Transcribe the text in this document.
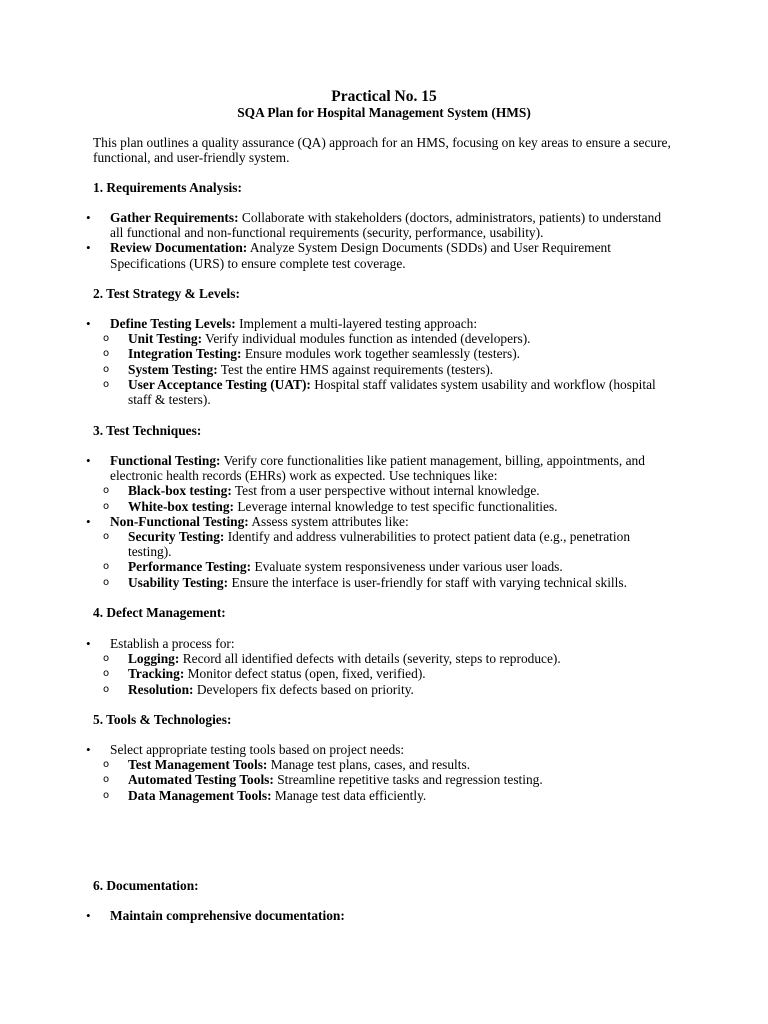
Practical No. 15
SQA Plan for Hospital Management System (HMS)

This plan outlines a quality assurance (QA) approach for an HMS, focusing on key areas to ensure a secure, functional, and user-friendly system.

1. Requirements Analysis:

• Gather Requirements: Collaborate with stakeholders (doctors, administrators, patients) to understand all functional and non-functional requirements (security, performance, usability).
• Review Documentation: Analyze System Design Documents (SDDs) and User Requirement Specifications (URS) to ensure complete test coverage.

2. Test Strategy & Levels:

• Define Testing Levels: Implement a multi-layered testing approach:
o Unit Testing: Verify individual modules function as intended (developers).
o Integration Testing: Ensure modules work together seamlessly (testers).
o System Testing: Test the entire HMS against requirements (testers).
o User Acceptance Testing (UAT): Hospital staff validates system usability and workflow (hospital staff & testers).

3. Test Techniques:

• Functional Testing: Verify core functionalities like patient management, billing, appointments, and electronic health records (EHRs) work as expected. Use techniques like:
o Black-box testing: Test from a user perspective without internal knowledge.
o White-box testing: Leverage internal knowledge to test specific functionalities.
• Non-Functional Testing: Assess system attributes like:
o Security Testing: Identify and address vulnerabilities to protect patient data (e.g., penetration testing).
o Performance Testing: Evaluate system responsiveness under various user loads.
o Usability Testing: Ensure the interface is user-friendly for staff with varying technical skills.

4. Defect Management:

• Establish a process for:
o Logging: Record all identified defects with details (severity, steps to reproduce).
o Tracking: Monitor defect status (open, fixed, verified).
o Resolution: Developers fix defects based on priority.

5. Tools & Technologies:

• Select appropriate testing tools based on project needs:
o Test Management Tools: Manage test plans, cases, and results.
o Automated Testing Tools: Streamline repetitive tasks and regression testing.
o Data Management Tools: Manage test data efficiently.

6. Documentation:

• Maintain comprehensive documentation:
